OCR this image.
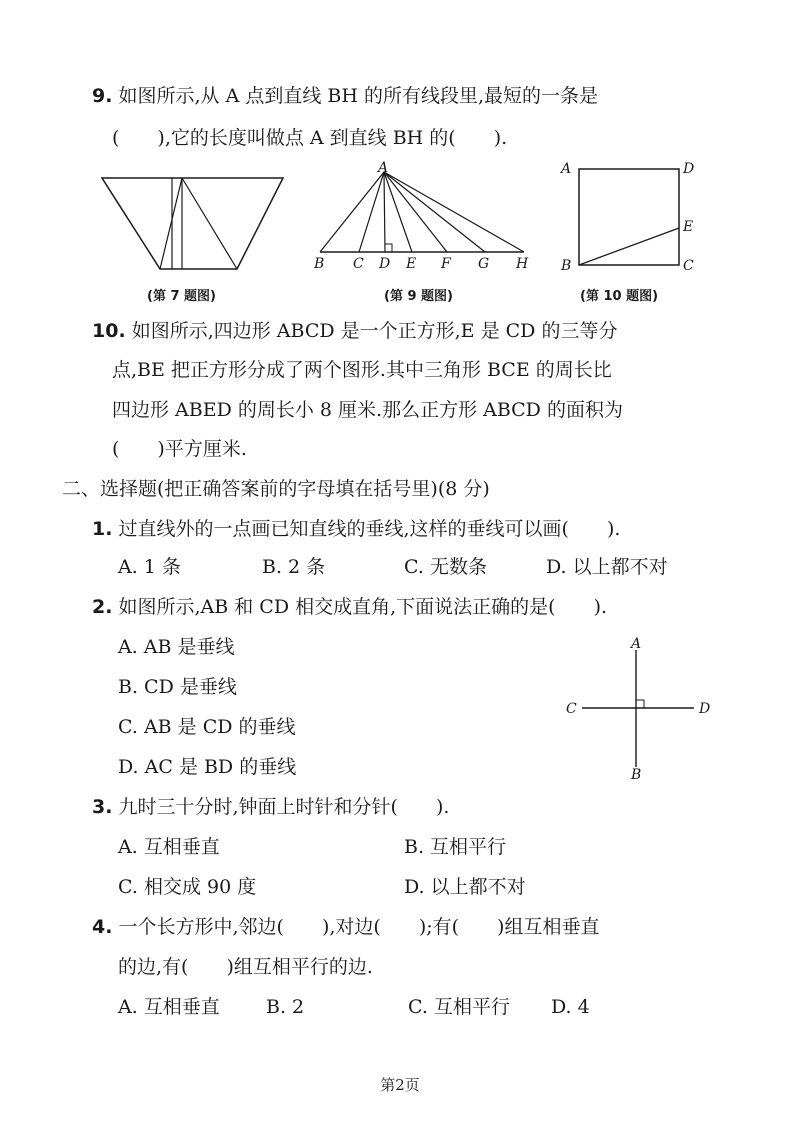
9. 如图所示,从 A 点到直线 BH 的所有线段里,最短的一条是
(　　),它的长度叫做点 A 到直线 BH 的(　　).
(第 7 题图)
A
B C D E F G H
(第 9 题图)
A	D
E
B	C
(第 10 题图)
10. 如图所示,四边形 ABCD 是一个正方形,E 是 CD 的三等分
点,BE 把正方形分成了两个图形.其中三角形 BCE 的周长比
四边形 ABED 的周长小 8 厘米.那么正方形 ABCD 的面积为
(　　)平方厘米.
二、选择题(把正确答案前的字母填在括号里)(8 分)
1. 过直线外的一点画已知直线的垂线,这样的垂线可以画(　　).
A. 1 条	B. 2 条	C. 无数条	D. 以上都不对
2. 如图所示,AB 和 CD 相交成直角,下面说法正确的是(　　).
A. AB 是垂线
B. CD 是垂线
C. AB 是 CD 的垂线
D. AC 是 BD 的垂线
A
C	D
B
3. 九时三十分时,钟面上时针和分针(　　).
A. 互相垂直	B. 互相平行
C. 相交成 90 度	D. 以上都不对
4. 一个长方形中,邻边(　　),对边(　　);有(　　)组互相垂直
的边,有(　　)组互相平行的边.
A. 互相垂直 B. 2	C. 互相平行 D. 4
第2页
